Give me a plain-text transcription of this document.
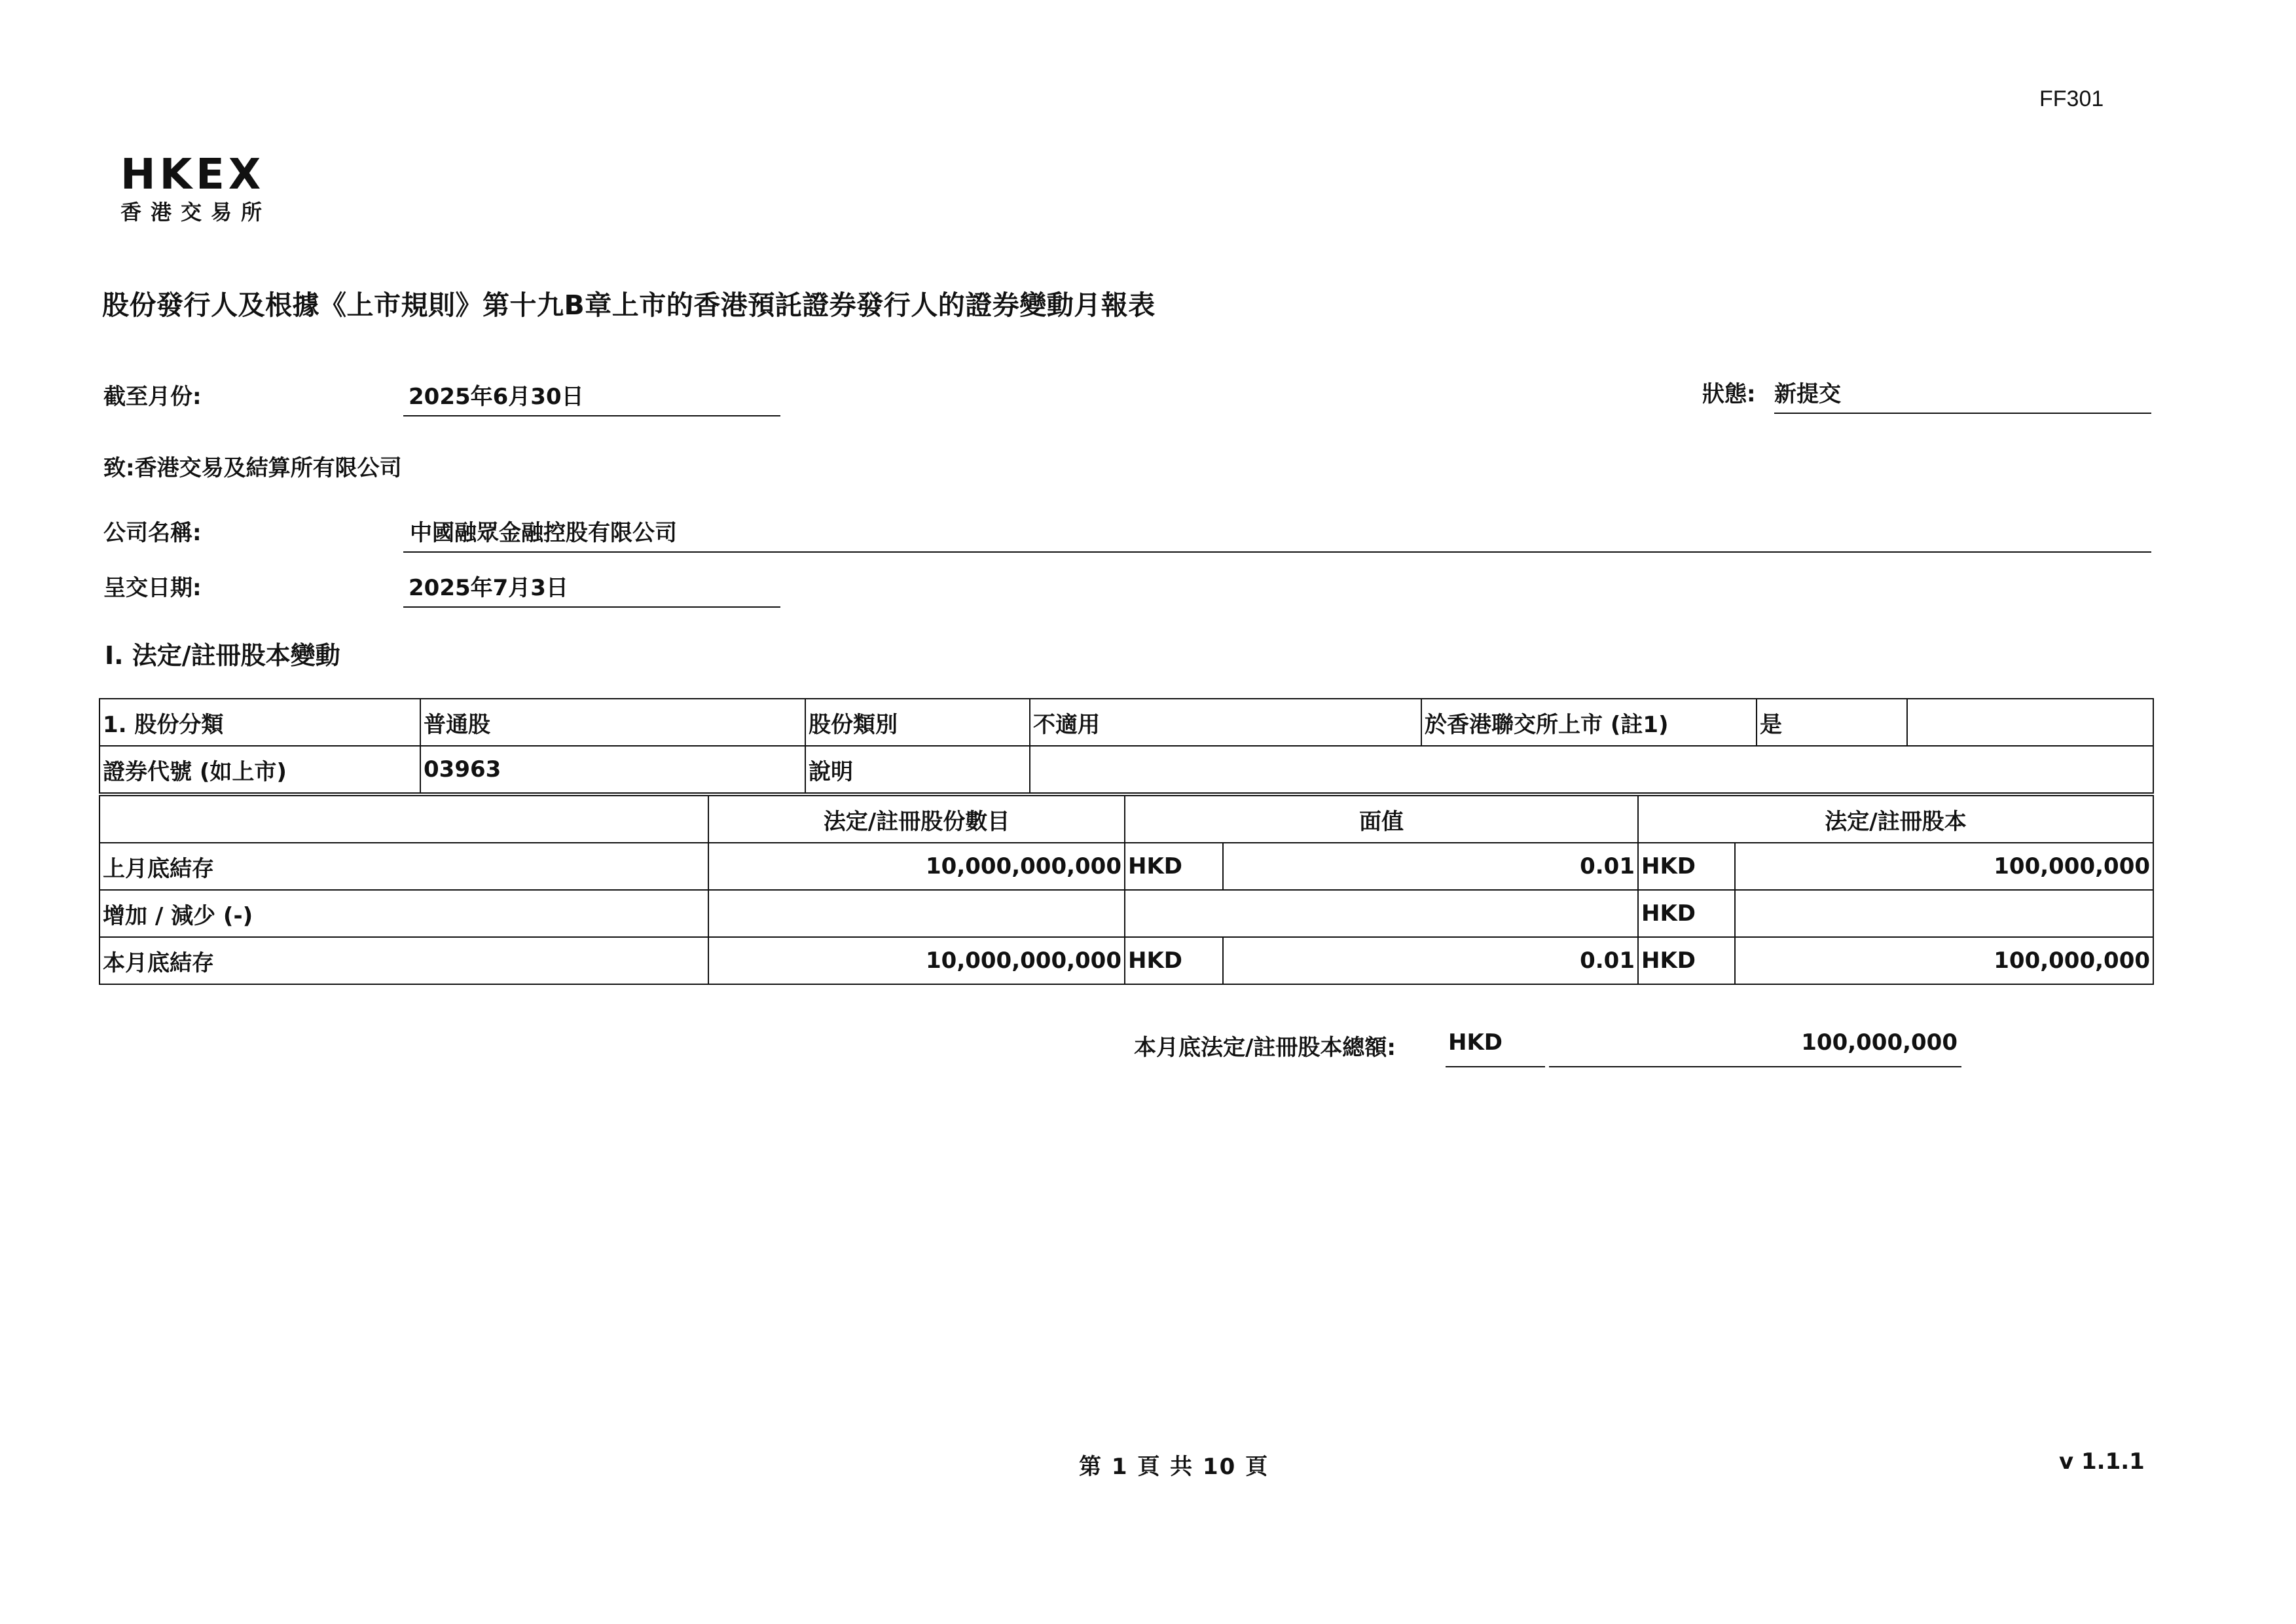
FF301
HKEX
香港交易所
股份發行人及根據《上市規則》第十九B章上市的香港預託證券發行人的證券變動月報表
截至月份:	2025年6月30日	狀態: 新提交
致:香港交易及結算所有限公司
公司名稱:	中國融眾金融控股有限公司
呈交日期:	2025年7月3日
I. 法定/註冊股本變動
1. 股份分類	普通股	股份類別	不適用	於香港聯交所上市 (註1)	是	
證券代號 (如上市)	03963	說明				
	法定/註冊股份數目	面值		法定/註冊股本	
上月底結存	10,000,000,000	HKD	0.01	HKD	100,000,000
增加 / 減少 (-)				HKD	
本月底結存	10,000,000,000	HKD	0.01	HKD	100,000,000
本月底法定/註冊股本總額: HKD	100,000,000
第 1 頁 共 10 頁	v 1.1.1
